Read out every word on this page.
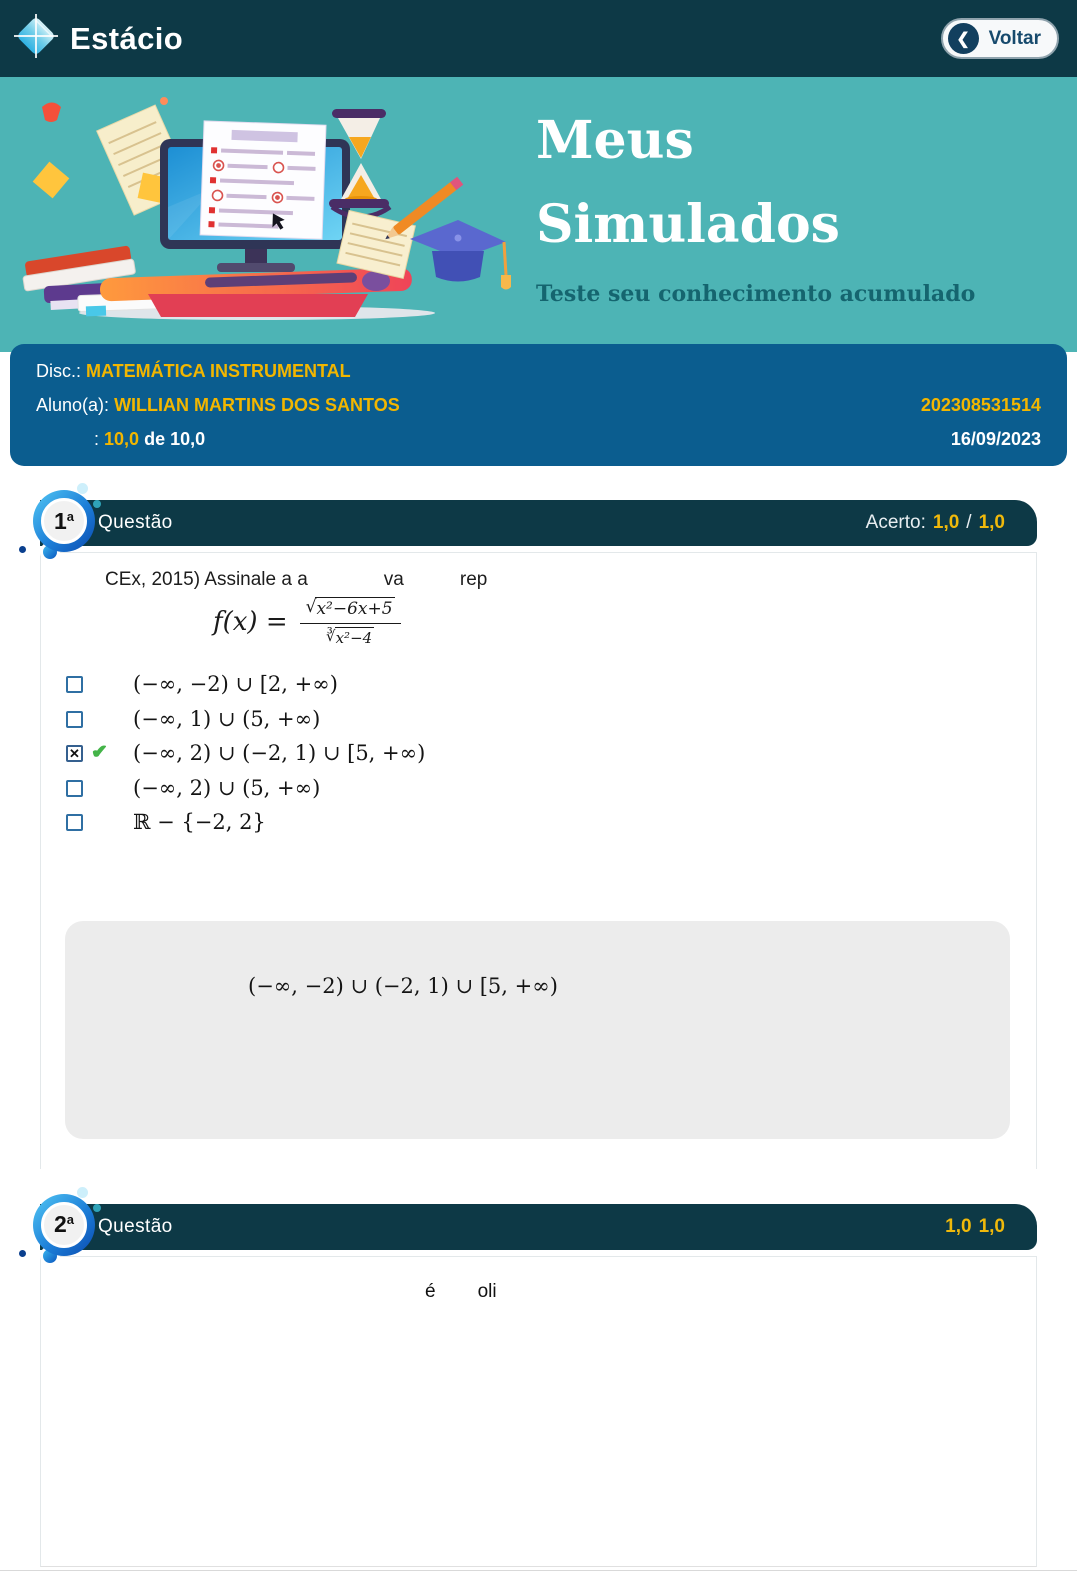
Estácio	❮ Voltar
Meus
Simulados
Teste seu conhecimento acumulado
Disc.: MATEMÁTICA INSTRUMENTAL
Aluno(a): WILLIAN MARTINS DOS SANTOS	202308531514
: 10,0 de 10,0	16/09/2023
1$^a$ Questão	Acerto: 1,0 / 1,0
CEx, 2015) Assinale a a	va	rep
$f(x) = \frac{\text{√ x²−6x+5}}{\text{∛ x²−4}}$
(−∞, −2) ∪ [2, +∞)
(−∞, 1) ∪ (5, +∞)
✕ ✔ (−∞, 2) ∪ (−2, 1) ∪ [5, +∞)
(−∞, 2) ∪ (5, +∞)
ℝ − {−2, 2}
(−∞, −2) ∪ (−2, 1) ∪ [5, +∞)
2$^a$ Questão	1,0 1,0
é oli
